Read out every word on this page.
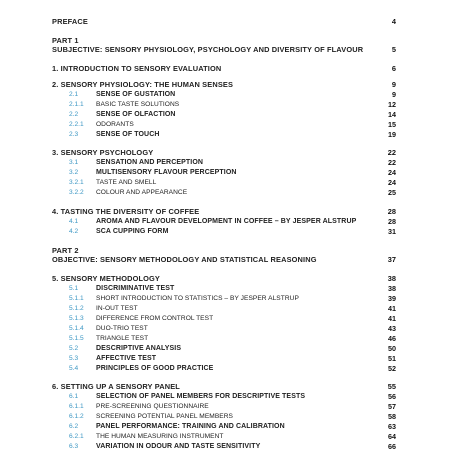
PREFACE	4
PART 1
SUBJECTIVE: SENSORY PHYSIOLOGY, PSYCHOLOGY AND DIVERSITY OF FLAVOUR	5
1. INTRODUCTION TO SENSORY EVALUATION	6
2. SENSORY PHYSIOLOGY: THE HUMAN SENSES	9
2.1	SENSE OF GUSTATION	9
2.1.1 BASIC TASTE SOLUTIONS	12
2.2	SENSE OF OLFACTION	14
2.2.1 ODORANTS	15
2.3	SENSE OF TOUCH	19
3. SENSORY PSYCHOLOGY	22
3.1	SENSATION AND PERCEPTION	22
3.2	MULTISENSORY FLAVOUR PERCEPTION	24
3.2.1 TASTE AND SMELL	24
3.2.2 COLOUR AND APPEARANCE	25
4. TASTING THE DIVERSITY OF COFFEE	28
4.1	AROMA AND FLAVOUR DEVELOPMENT IN COFFEE – BY JESPER ALSTRUP	28
4.2	SCA CUPPING FORM	31
PART 2
OBJECTIVE: SENSORY METHODOLOGY AND STATISTICAL REASONING	37
5. SENSORY METHODOLOGY	38
5.1	DISCRIMINATIVE TEST	38
5.1.1 SHORT INTRODUCTION TO STATISTICS – BY JESPER ALSTRUP	39
5.1.2 IN-OUT TEST	41
5.1.3 DIFFERENCE FROM CONTROL TEST	41
5.1.4 DUO-TRIO TEST	43
5.1.5 TRIANGLE TEST	46
5.2	DESCRIPTIVE ANALYSIS	50
5.3	AFFECTIVE TEST	51
5.4	PRINCIPLES OF GOOD PRACTICE	52
6. SETTING UP A SENSORY PANEL	55
6.1	SELECTION OF PANEL MEMBERS FOR DESCRIPTIVE TESTS	56
6.1.1 PRE-SCREENING QUESTIONNAIRE	57
6.1.2 SCREENING POTENTIAL PANEL MEMBERS	58
6.2	PANEL PERFORMANCE: TRAINING AND CALIBRATION	63
6.2.1 THE HUMAN MEASURING INSTRUMENT	64
6.3	VARIATION IN ODOUR AND TASTE SENSITIVITY	66
